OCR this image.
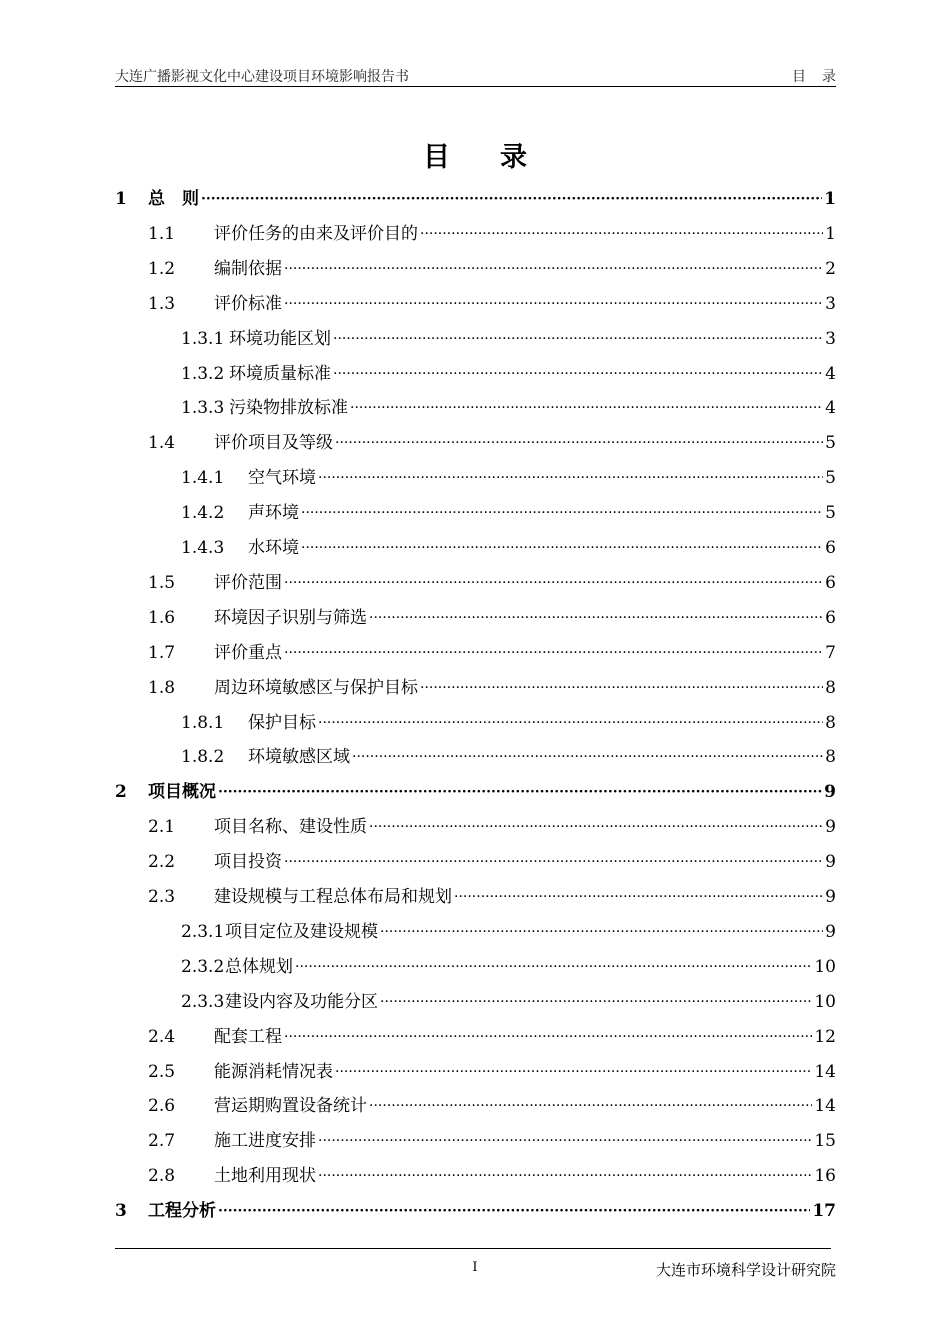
大连广播影视文化中心建设项目环境影响报告书	目录
目录
1	总　则 ·····	1
1.1	评价任务的由来及评价目的 ·····	1
1.2	编制依据 ·····	2
1.3	评价标准 ·····	3
1.3.1 环境功能区划 ·····	3
1.3.2 环境质量标准 ·····	4
1.3.3 污染物排放标准 ·····	4
1.4	评价项目及等级 ·····	5
1.4.1	空气环境 ·····	5
1.4.2	声环境 ·····	5
1.4.3	水环境 ·····	6
1.5	评价范围 ·····	6
1.6	环境因子识别与筛选 ·····	6
1.7	评价重点 ·····	7
1.8	周边环境敏感区与保护目标 ·····	8
1.8.1	保护目标 ·····	8
1.8.2	环境敏感区域 ·····	8
2	项目概况 ·····	9
2.1	项目名称、建设性质 ·····	9
2.2	项目投资 ·····	9
2.3	建设规模与工程总体布局和规划 ·····	9
2.3.1 项目定位及建设规模 ·····	9
2.3.2 总体规划 ·····	10
2.3.3 建设内容及功能分区 ·····	10
2.4	配套工程 ·····	12
2.5	能源消耗情况表 ·····	14
2.6	营运期购置设备统计 ·····	14
2.7	施工进度安排 ·····	15
2.8	土地利用现状 ·····	16
3	工程分析 ·····	17
I	大连市环境科学设计研究院
